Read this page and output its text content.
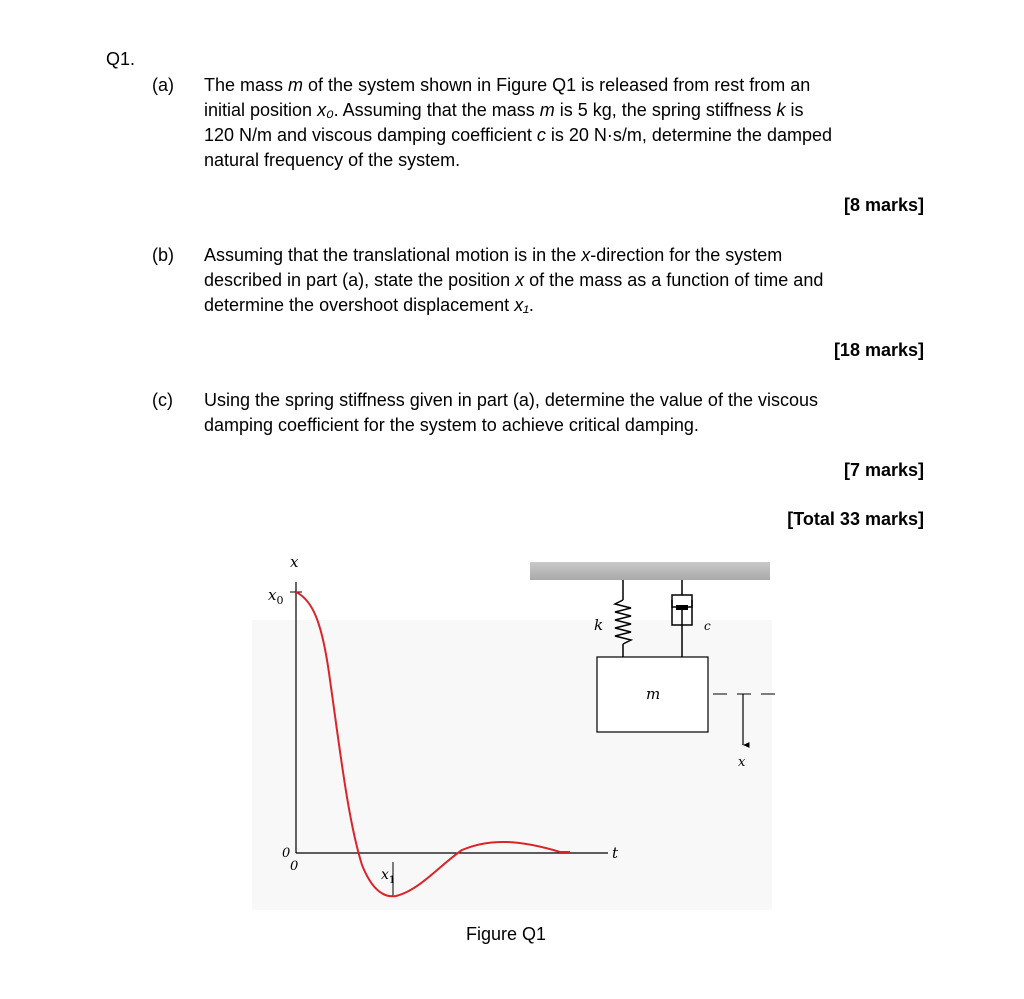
Q1.
(a) The mass m of the system shown in Figure Q1 is released from rest from an
initial position x₀. Assuming that the mass m is 5 kg, the spring stiffness k is
120 N/m and viscous damping coefficient c is 20 N·s/m, determine the damped
natural frequency of the system.
[8 marks]
(b) Assuming that the translational motion is in the x-direction for the system
described in part (a), state the position x of the mass as a function of time and
determine the overshoot displacement x₁.
[18 marks]
(c) Using the spring stiffness given in part (a), determine the value of the viscous
damping coefficient for the system to achieve critical damping.
[7 marks]
[Total 33 marks]
x
$x_0$
0
0
$x_1$
t
k	c
m
x
Figure Q1
